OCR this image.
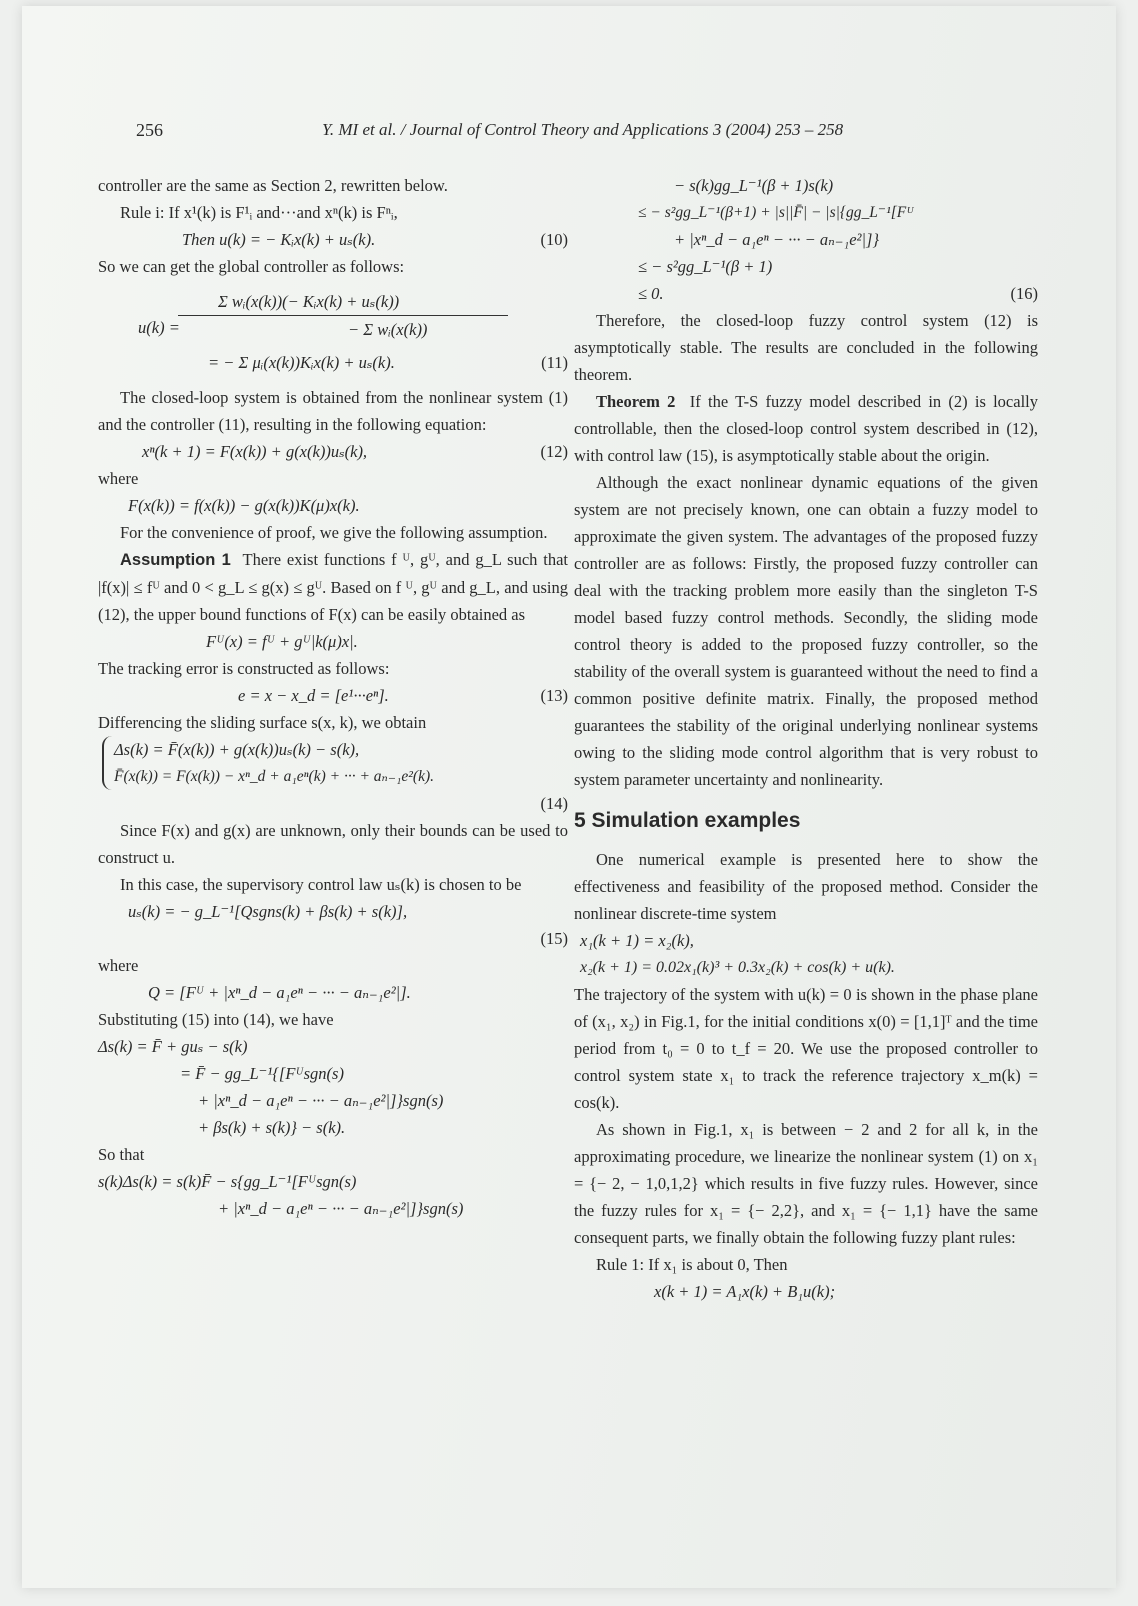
256	Y. MI et al. / Journal of Control Theory and Applications 3 (2004) 253 – 258

controller are the same as Section 2, rewritten below.

Rule i: If x¹(k) is F¹ᵢ and···and xⁿ(k) is Fⁿᵢ,

Then u(k) = − Kᵢx(k) + uₛ(k).	(10)

So we can get the global controller as follows:

u(k) =
Σ wᵢ(x(k))(− Kᵢx(k) + uₛ(k))
− Σ wᵢ(x(k))

= − Σ μᵢ(x(k))Kᵢx(k) + uₛ(k).	(11)

The closed-loop system is obtained from the nonlinear system (1) and the controller (11), resulting in the following equation:

xⁿ(k + 1) = F(x(k)) + g(x(k))uₛ(k),	(12)

where

F(x(k)) = f(x(k)) − g(x(k))K(μ)x(k).

For the convenience of proof, we give the following assumption.

Assumption 1 There exist functions f ᵁ, gᵁ, and g_L such that |f(x)| ≤ fᵁ and 0 < g_L ≤ g(x) ≤ gᵁ. Based on f ᵁ, gᵁ and g_L, and using (12), the upper bound functions of F(x) can be easily obtained as

Fᵁ(x) = fᵁ + gᵁ|k(μ)x|.

The tracking error is constructed as follows:

e = x − x_d = [e¹···eⁿ].	(13)

Differencing the sliding surface s(x, k), we obtain

Δs(k) = F̄(x(k)) + g(x(k))uₛ(k) − s(k),
F̄(x(k)) = F(x(k)) − xⁿ_d + a₁eⁿ(k) + ··· + aₙ₋₁e²(k).

(14)

Since F(x) and g(x) are unknown, only their bounds can be used to construct u.

In this case, the supervisory control law uₛ(k) is chosen to be

uₛ(k) = − g_L⁻¹[Qsgns(k) + βs(k) + s(k)],

(15)

where

Q = [Fᵁ + |xⁿ_d − a₁eⁿ − ··· − aₙ₋₁e²|].

Substituting (15) into (14), we have

Δs(k) = F̄ + guₛ − s(k)

= F̄ − gg_L⁻¹{[Fᵁsgn(s)

+ |xⁿ_d − a₁eⁿ − ··· − aₙ₋₁e²|]}sgn(s)

+ βs(k) + s(k)} − s(k).

So that

s(k)Δs(k) = s(k)F̄ − s{gg_L⁻¹[Fᵁsgn(s)

+ |xⁿ_d − a₁eⁿ − ··· − aₙ₋₁e²|]}sgn(s)

− s(k)gg_L⁻¹(β + 1)s(k)

≤ − s²gg_L⁻¹(β+1) + |s||F̄| − |s|{gg_L⁻¹[Fᵁ

+ |xⁿ_d − a₁eⁿ − ··· − aₙ₋₁e²|]}

≤ − s²gg_L⁻¹(β + 1)

≤ 0.	(16)

Therefore, the closed-loop fuzzy control system (12) is asymptotically stable. The results are concluded in the following theorem.

Theorem 2 If the T-S fuzzy model described in (2) is locally controllable, then the closed-loop control system described in (12), with control law (15), is asymptotically stable about the origin.

Although the exact nonlinear dynamic equations of the given system are not precisely known, one can obtain a fuzzy model to approximate the given system. The advantages of the proposed fuzzy controller are as follows: Firstly, the proposed fuzzy controller can deal with the tracking problem more easily than the singleton T-S model based fuzzy control methods. Secondly, the sliding mode control theory is added to the proposed fuzzy controller, so the stability of the overall system is guaranteed without the need to find a common positive definite matrix. Finally, the proposed method guarantees the stability of the original underlying nonlinear systems owing to the sliding mode control algorithm that is very robust to system parameter uncertainty and nonlinearity.

5 Simulation examples

One numerical example is presented here to show the effectiveness and feasibility of the proposed method. Consider the nonlinear discrete-time system

x₁(k + 1) = x₂(k),

x₂(k + 1) = 0.02x₁(k)³ + 0.3x₂(k) + cos(k) + u(k).

The trajectory of the system with u(k) = 0 is shown in the phase plane of (x₁, x₂) in Fig.1, for the initial conditions x(0) = [1,1]ᵀ and the time period from t₀ = 0 to t_f = 20. We use the proposed controller to control system state x₁ to track the reference trajectory x_m(k) = cos(k).

As shown in Fig.1, x₁ is between − 2 and 2 for all k, in the approximating procedure, we linearize the nonlinear system (1) on x₁ = {− 2, − 1,0,1,2} which results in five fuzzy rules. However, since the fuzzy rules for x₁ = {− 2,2}, and x₁ = {− 1,1} have the same consequent parts, we finally obtain the following fuzzy plant rules:

Rule 1: If x₁ is about 0, Then

x(k + 1) = A₁x(k) + B₁u(k);
